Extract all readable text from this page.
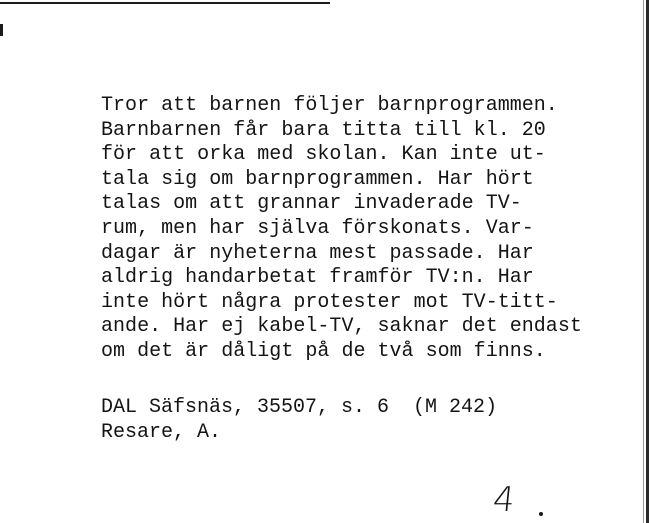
Tror att barnen följer barnprogrammen.
Barnbarnen får bara titta till kl. 20
för att orka med skolan. Kan inte ut-
tala sig om barnprogrammen. Har hört
talas om att grannar invaderade TV-
rum, men har själva förskonats. Var-
dagar är nyheterna mest passade. Har
aldrig handarbetat framför TV:n. Har
inte hört några protester mot TV-titt-
ande. Har ej kabel-TV, saknar det endast
om det är dåligt på de två som finns.
DAL Säfsnäs, 35507, s. 6  (M 242)
Resare, A.
4
